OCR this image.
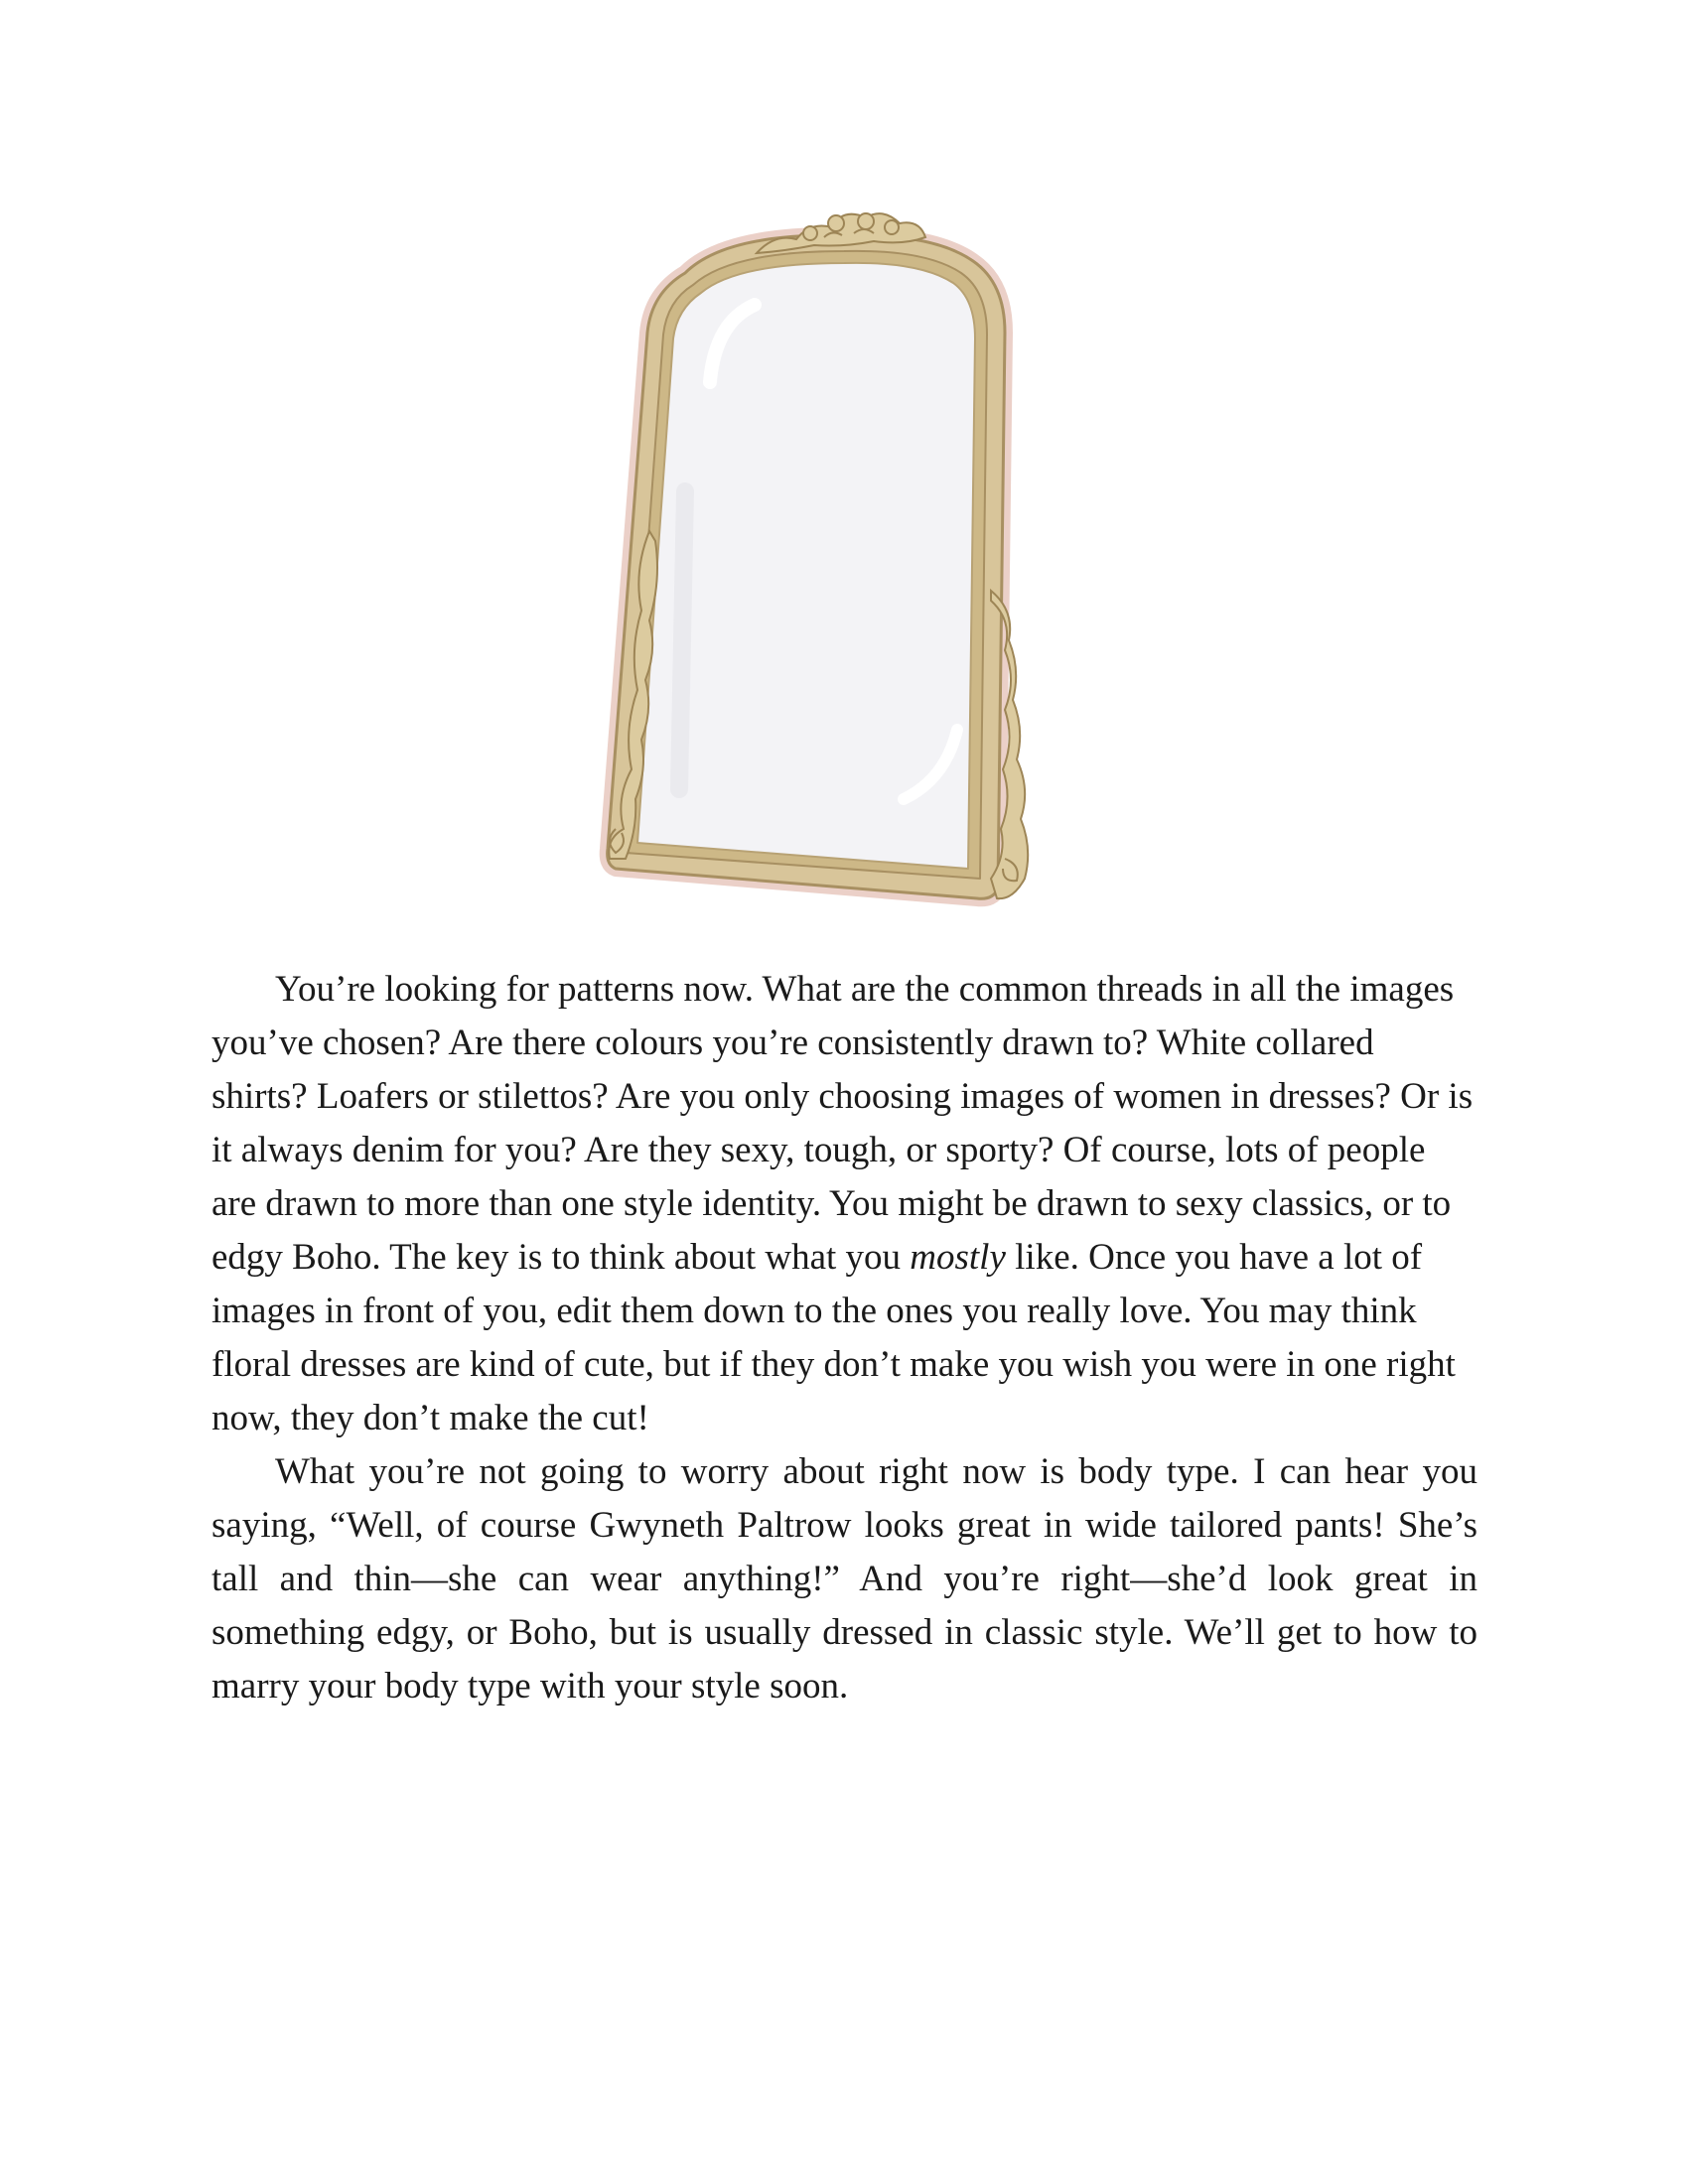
You’re looking for patterns now. What are the common threads in all the images you’ve chosen? Are there colours you’re consistently drawn to? White collared shirts? Loafers or stilettos? Are you only choosing images of women in dresses? Or is it always denim for you? Are they sexy, tough, or sporty? Of course, lots of people are drawn to more than one style identity. You might be drawn to sexy classics, or to edgy Boho. The key is to think about what you mostly like. Once you have a lot of images in front of you, edit them down to the ones you really love. You may think floral dresses are kind of cute, but if they don’t make you wish you were in one right now, they don’t make the cut!

What you’re not going to worry about right now is body type. I can hear you saying, “Well, of course Gwyneth Paltrow looks great in wide tailored pants! She’s tall and thin—she can wear anything!” And you’re right—she’d look great in something edgy, or Boho, but is usually dressed in classic style. We’ll get to how to marry your body type with your style soon.
